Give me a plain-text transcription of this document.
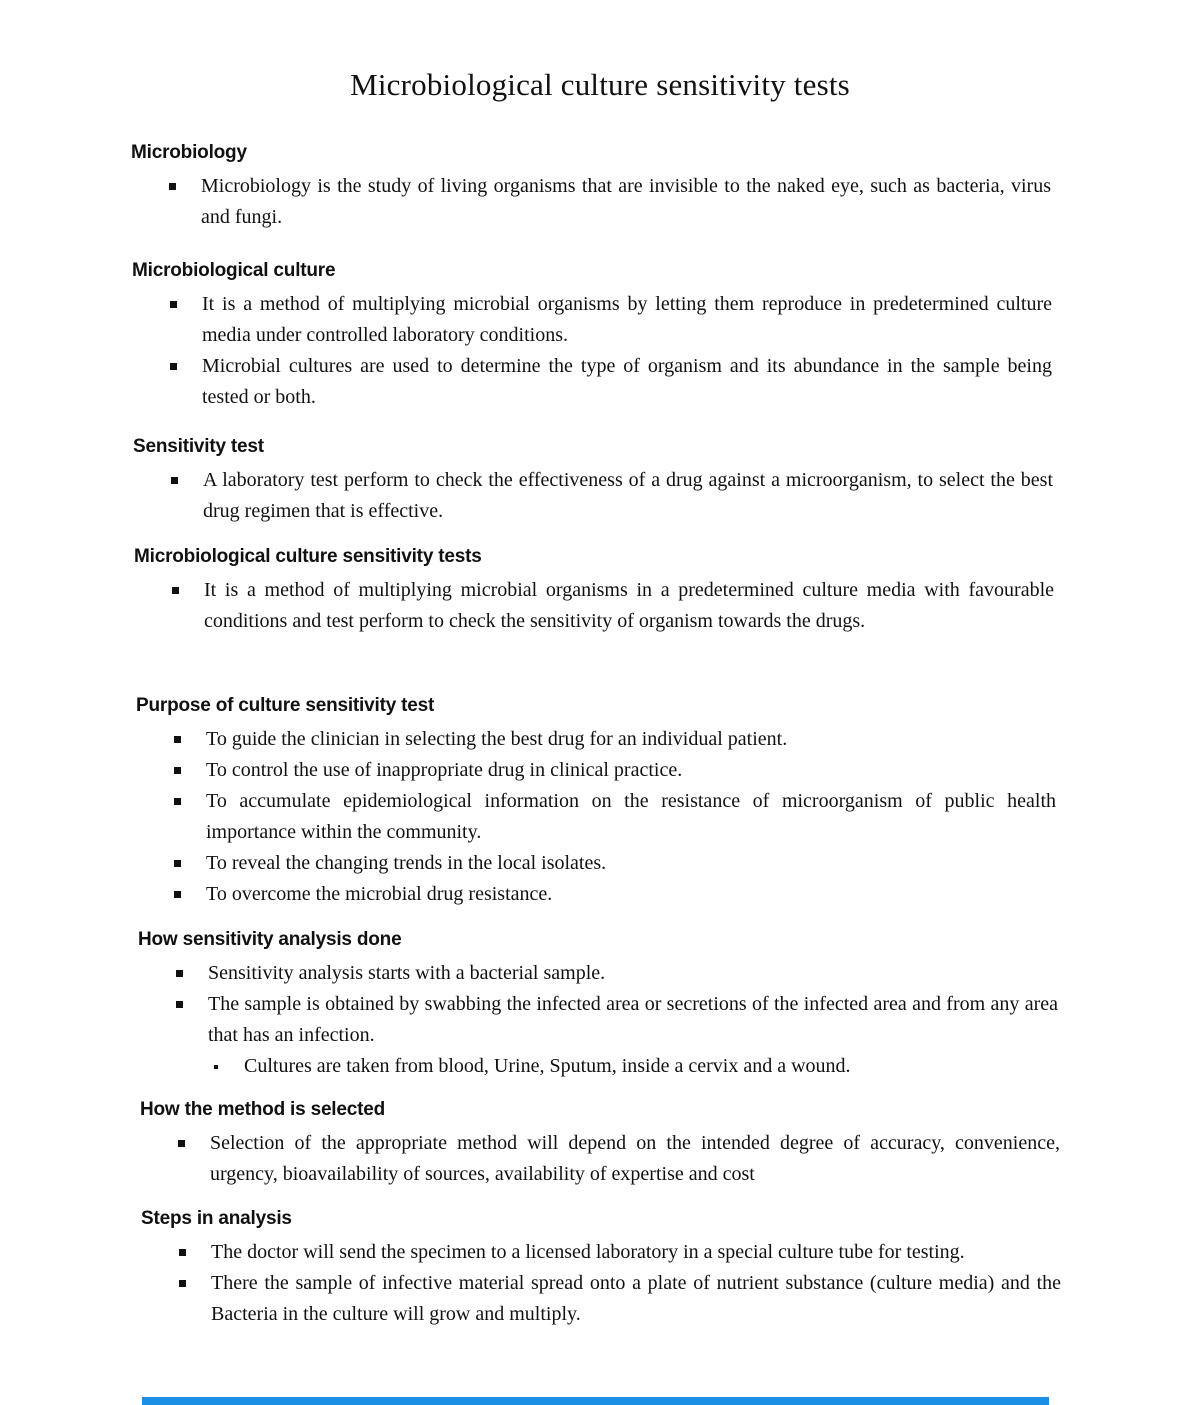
Microbiological culture sensitivity tests
Microbiology
Microbiology is the study of living organisms that are invisible to the naked eye, such as bacteria, virus and fungi.
Microbiological culture
It is a method of multiplying microbial organisms by letting them reproduce in predetermined culture media under controlled laboratory conditions.
Microbial cultures are used to determine the type of organism and its abundance in the sample being tested or both.
Sensitivity test
A laboratory test perform to check the effectiveness of a drug against a microorganism, to select the best drug regimen that is effective.
Microbiological culture sensitivity tests
It is a method of multiplying microbial organisms in a predetermined culture media with favourable conditions and test perform to check the sensitivity of organism towards the drugs.
Purpose of culture sensitivity test
To guide the clinician in selecting the best drug for an individual patient.
To control the use of inappropriate drug in clinical practice.
To accumulate epidemiological information on the resistance of microorganism of public health importance within the community.
To reveal the changing trends in the local isolates.
To overcome the microbial drug resistance.
How sensitivity analysis done
Sensitivity analysis starts with a bacterial sample.
The sample is obtained by swabbing the infected area or secretions of the infected area and from any area that has an infection.
Cultures are taken from blood, Urine, Sputum, inside a cervix and a wound.
How the method is selected
Selection of the appropriate method will depend on the intended degree of accuracy, convenience, urgency, bioavailability of sources, availability of expertise and cost
Steps in analysis
The doctor will send the specimen to a licensed laboratory in a special culture tube for testing.
There the sample of infective material spread onto a plate of nutrient substance (culture media) and the Bacteria in the culture will grow and multiply.
